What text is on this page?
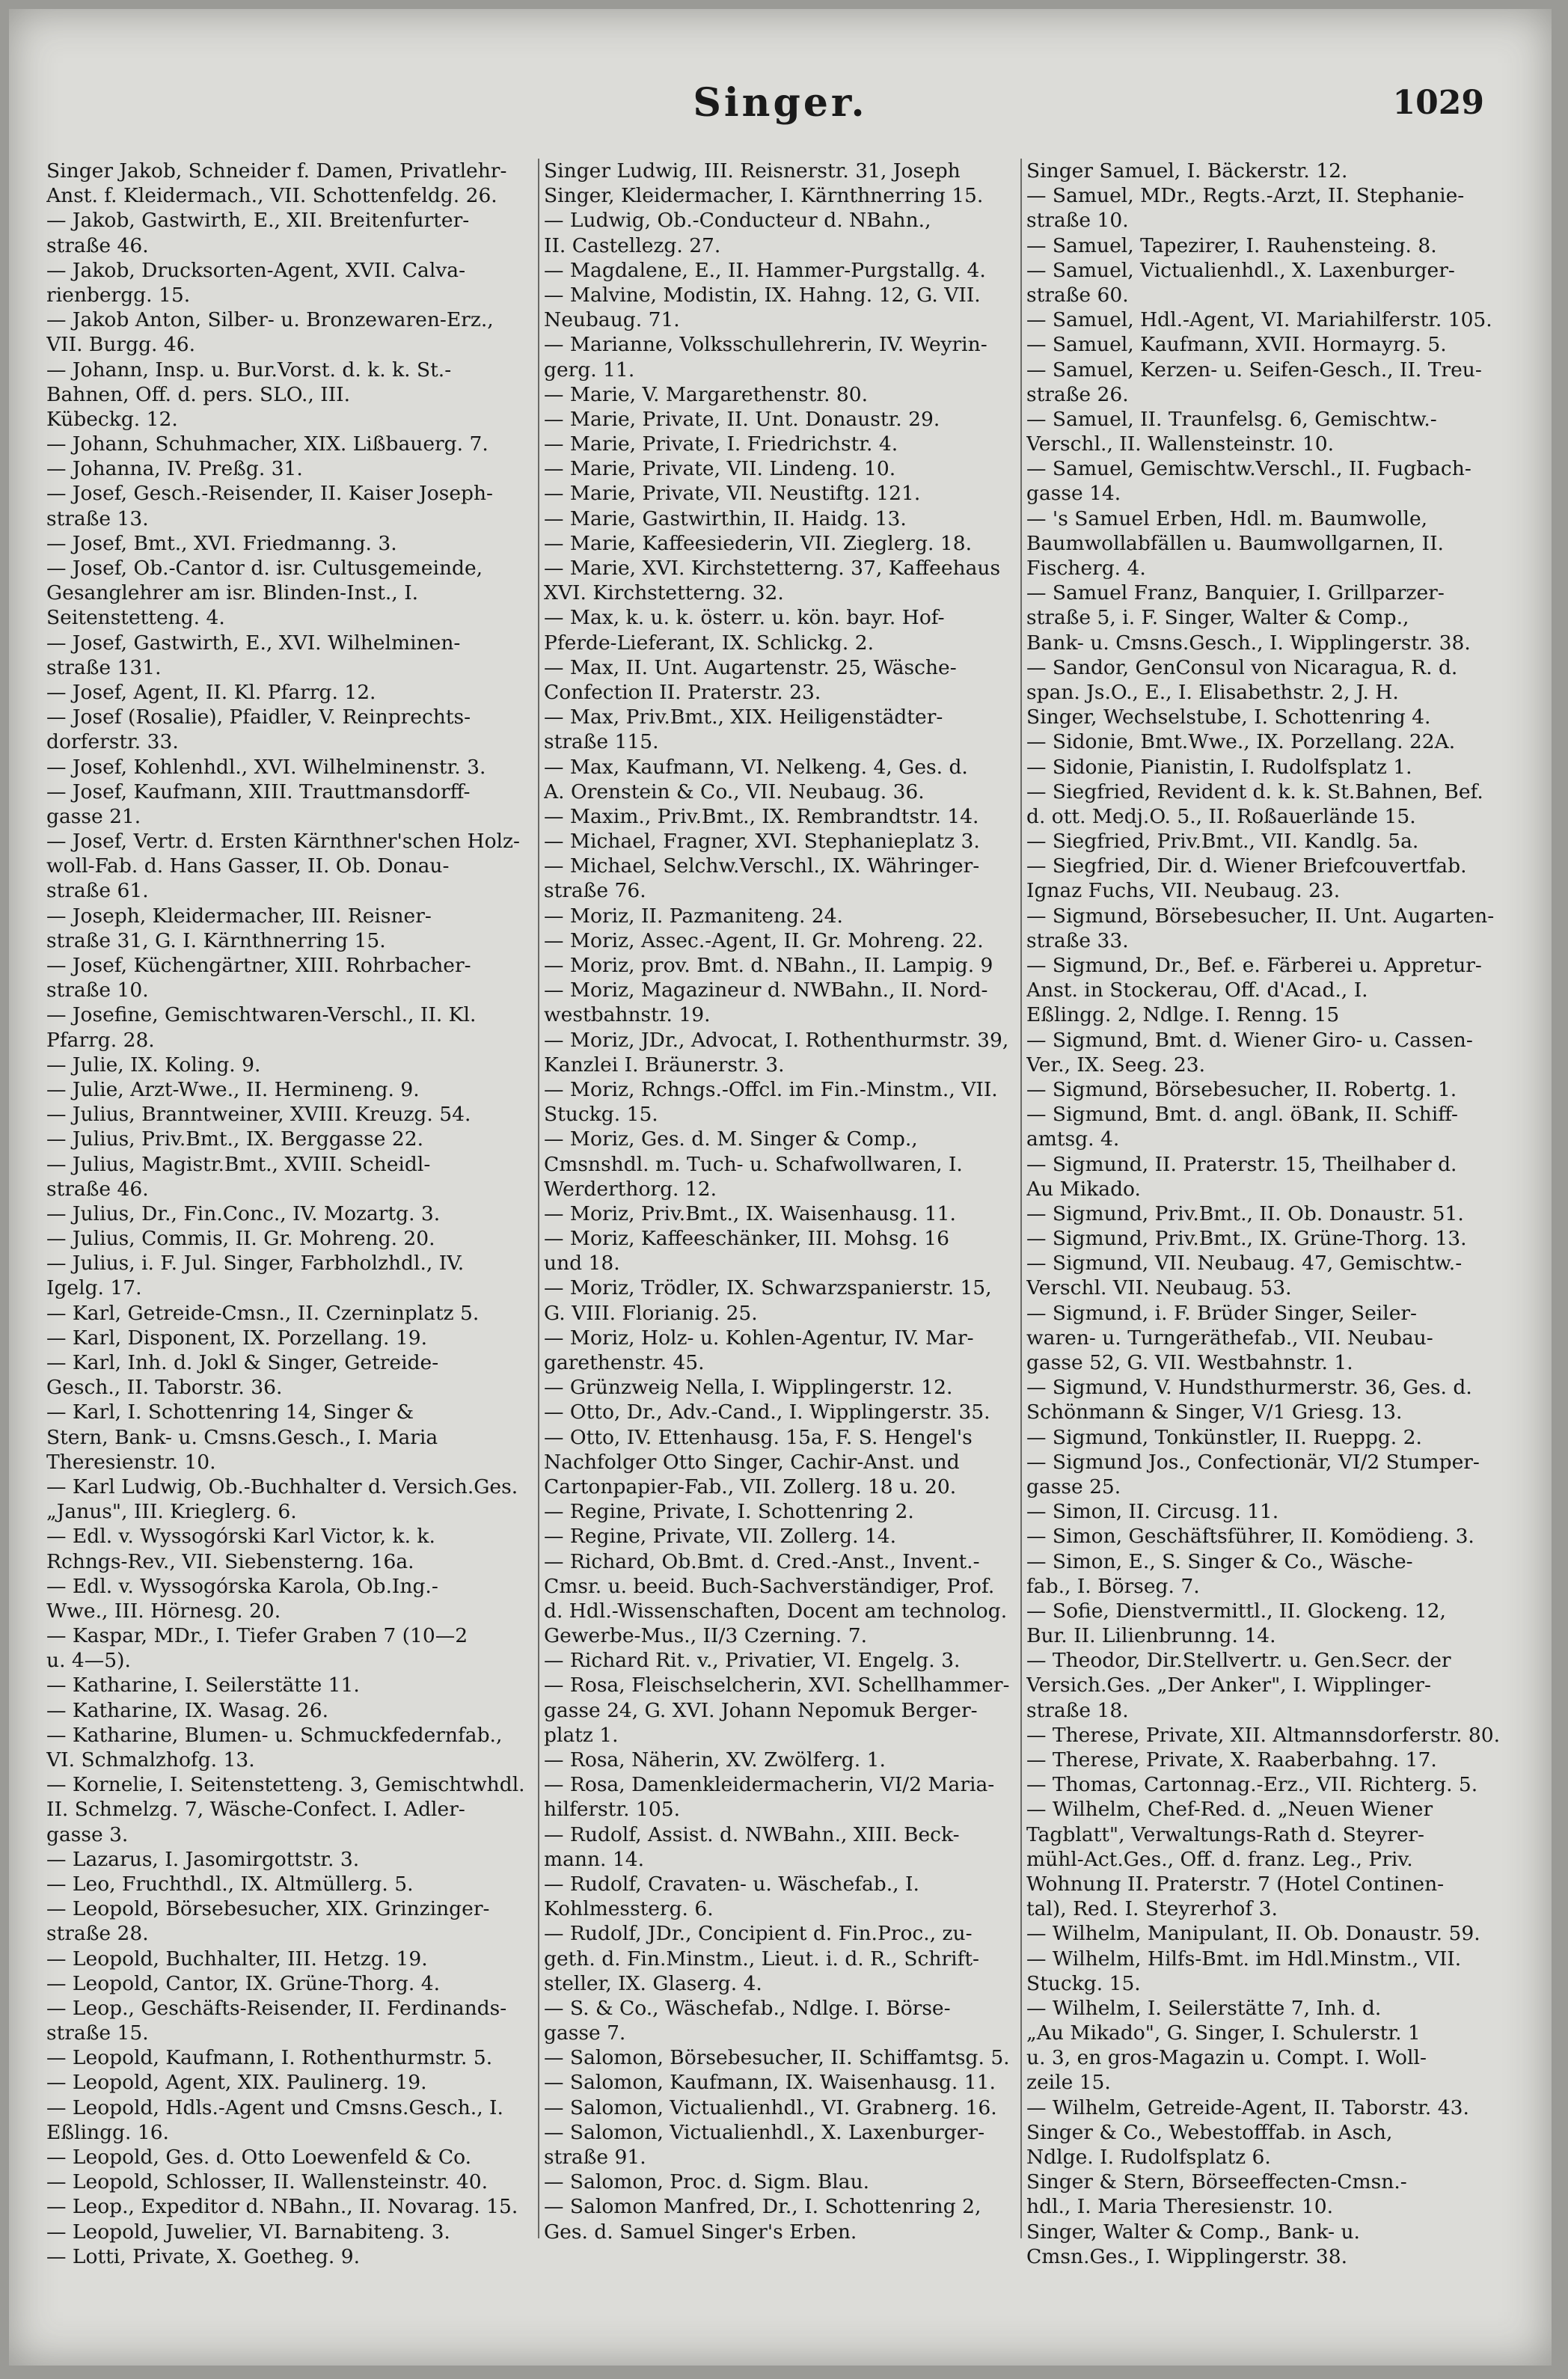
Singer.	1029
Singer Jakob, Schneider f. Damen, Privatlehr-
Anst. f. Kleidermach., VII. Schottenfeldg. 26.
— Jakob, Gastwirth, E., XII. Breitenfurter-
straße 46.
— Jakob, Drucksorten-Agent, XVII. Calva-
rienbergg. 15.
— Jakob Anton, Silber- u. Bronzewaren-Erz.,
VII. Burgg. 46.
— Johann, Insp. u. Bur.Vorst. d. k. k. St.-
Bahnen, Off. d. pers. SLO., III.
Kübeckg. 12.
— Johann, Schuhmacher, XIX. Lißbauerg. 7.
— Johanna, IV. Preßg. 31.
— Josef, Gesch.-Reisender, II. Kaiser Joseph-
straße 13.
— Josef, Bmt., XVI. Friedmanng. 3.
— Josef, Ob.-Cantor d. isr. Cultusgemeinde,
Gesanglehrer am isr. Blinden-Inst., I.
Seitenstetteng. 4.
— Josef, Gastwirth, E., XVI. Wilhelminen-
straße 131.
— Josef, Agent, II. Kl. Pfarrg. 12.
— Josef (Rosalie), Pfaidler, V. Reinprechts-
dorferstr. 33.
— Josef, Kohlenhdl., XVI. Wilhelminenstr. 3.
— Josef, Kaufmann, XIII. Trauttmansdorff-
gasse 21.
— Josef, Vertr. d. Ersten Kärnthner'schen Holz-
woll-Fab. d. Hans Gasser, II. Ob. Donau-
straße 61.
— Joseph, Kleidermacher, III. Reisner-
straße 31, G. I. Kärnthnerring 15.
— Josef, Küchengärtner, XIII. Rohrbacher-
straße 10.
— Josefine, Gemischtwaren-Verschl., II. Kl.
Pfarrg. 28.
— Julie, IX. Koling. 9.
— Julie, Arzt-Wwe., II. Hermineng. 9.
— Julius, Branntweiner, XVIII. Kreuzg. 54.
— Julius, Priv.Bmt., IX. Berggasse 22.
— Julius, Magistr.Bmt., XVIII. Scheidl-
straße 46.
— Julius, Dr., Fin.Conc., IV. Mozartg. 3.
— Julius, Commis, II. Gr. Mohreng. 20.
— Julius, i. F. Jul. Singer, Farbholzhdl., IV.
Igelg. 17.
— Karl, Getreide-Cmsn., II. Czerninplatz 5.
— Karl, Disponent, IX. Porzellang. 19.
— Karl, Inh. d. Jokl & Singer, Getreide-
Gesch., II. Taborstr. 36.
— Karl, I. Schottenring 14, Singer &
Stern, Bank- u. Cmsns.Gesch., I. Maria
Theresienstr. 10.
— Karl Ludwig, Ob.-Buchhalter d. Versich.Ges.
„Janus", III. Krieglerg. 6.
— Edl. v. Wyssogórski Karl Victor, k. k.
Rchngs-Rev., VII. Siebensterng. 16a.
— Edl. v. Wyssogórska Karola, Ob.Ing.-
Wwe., III. Hörnesg. 20.
— Kaspar, MDr., I. Tiefer Graben 7 (10—2
u. 4—5).
— Katharine, I. Seilerstätte 11.
— Katharine, IX. Wasag. 26.
— Katharine, Blumen- u. Schmuckfedernfab.,
VI. Schmalzhofg. 13.
— Kornelie, I. Seitenstetteng. 3, Gemischtwhdl.
II. Schmelzg. 7, Wäsche-Confect. I. Adler-
gasse 3.
— Lazarus, I. Jasomirgottstr. 3.
— Leo, Fruchthdl., IX. Altmüllerg. 5.
— Leopold, Börsebesucher, XIX. Grinzinger-
straße 28.
— Leopold, Buchhalter, III. Hetzg. 19.
— Leopold, Cantor, IX. Grüne-Thorg. 4.
— Leop., Geschäfts-Reisender, II. Ferdinands-
straße 15.
— Leopold, Kaufmann, I. Rothenthurmstr. 5.
— Leopold, Agent, XIX. Paulinerg. 19.
— Leopold, Hdls.-Agent und Cmsns.Gesch., I.
Eßlingg. 16.
— Leopold, Ges. d. Otto Loewenfeld & Co.
— Leopold, Schlosser, II. Wallensteinstr. 40.
— Leop., Expeditor d. NBahn., II. Novarag. 15.
— Leopold, Juwelier, VI. Barnabiteng. 3.
— Lotti, Private, X. Goetheg. 9.
Singer Ludwig, III. Reisnerstr. 31, Joseph
Singer, Kleidermacher, I. Kärnthnerring 15.
— Ludwig, Ob.-Conducteur d. NBahn.,
II. Castellezg. 27.
— Magdalene, E., II. Hammer-Purgstallg. 4.
— Malvine, Modistin, IX. Hahng. 12, G. VII.
Neubaug. 71.
— Marianne, Volksschullehrerin, IV. Weyrin-
gerg. 11.
— Marie, V. Margarethenstr. 80.
— Marie, Private, II. Unt. Donaustr. 29.
— Marie, Private, I. Friedrichstr. 4.
— Marie, Private, VII. Lindeng. 10.
— Marie, Private, VII. Neustiftg. 121.
— Marie, Gastwirthin, II. Haidg. 13.
— Marie, Kaffeesiederin, VII. Zieglerg. 18.
— Marie, XVI. Kirchstetterng. 37, Kaffeehaus
XVI. Kirchstetterng. 32.
— Max, k. u. k. österr. u. kön. bayr. Hof-
Pferde-Lieferant, IX. Schlickg. 2.
— Max, II. Unt. Augartenstr. 25, Wäsche-
Confection II. Praterstr. 23.
— Max, Priv.Bmt., XIX. Heiligenstädter-
straße 115.
— Max, Kaufmann, VI. Nelkeng. 4, Ges. d.
A. Orenstein & Co., VII. Neubaug. 36.
— Maxim., Priv.Bmt., IX. Rembrandtstr. 14.
— Michael, Fragner, XVI. Stephanieplatz 3.
— Michael, Selchw.Verschl., IX. Währinger-
straße 76.
— Moriz, II. Pazmaniteng. 24.
— Moriz, Assec.-Agent, II. Gr. Mohreng. 22.
— Moriz, prov. Bmt. d. NBahn., II. Lampig. 9
— Moriz, Magazineur d. NWBahn., II. Nord-
westbahnstr. 19.
— Moriz, JDr., Advocat, I. Rothenthurmstr. 39,
Kanzlei I. Bräunerstr. 3.
— Moriz, Rchngs.-Offcl. im Fin.-Minstm., VII.
Stuckg. 15.
— Moriz, Ges. d. M. Singer & Comp.,
Cmsnshdl. m. Tuch- u. Schafwollwaren, I.
Werderthorg. 12.
— Moriz, Priv.Bmt., IX. Waisenhausg. 11.
— Moriz, Kaffeeschänker, III. Mohsg. 16
und 18.
— Moriz, Trödler, IX. Schwarzspanierstr. 15,
G. VIII. Florianig. 25.
— Moriz, Holz- u. Kohlen-Agentur, IV. Mar-
garethenstr. 45.
— Grünzweig Nella, I. Wipplingerstr. 12.
— Otto, Dr., Adv.-Cand., I. Wipplingerstr. 35.
— Otto, IV. Ettenhausg. 15a, F. S. Hengel's
Nachfolger Otto Singer, Cachir-Anst. und
Cartonpapier-Fab., VII. Zollerg. 18 u. 20.
— Regine, Private, I. Schottenring 2.
— Regine, Private, VII. Zollerg. 14.
— Richard, Ob.Bmt. d. Cred.-Anst., Invent.-
Cmsr. u. beeid. Buch-Sachverständiger, Prof.
d. Hdl.-Wissenschaften, Docent am technolog.
Gewerbe-Mus., II/3 Czerning. 7.
— Richard Rit. v., Privatier, VI. Engelg. 3.
— Rosa, Fleischselcherin, XVI. Schellhammer-
gasse 24, G. XVI. Johann Nepomuk Berger-
platz 1.
— Rosa, Näherin, XV. Zwölferg. 1.
— Rosa, Damenkleidermacherin, VI/2 Maria-
hilferstr. 105.
— Rudolf, Assist. d. NWBahn., XIII. Beck-
mann. 14.
— Rudolf, Cravaten- u. Wäschefab., I.
Kohlmessterg. 6.
— Rudolf, JDr., Concipient d. Fin.Proc., zu-
geth. d. Fin.Minstm., Lieut. i. d. R., Schrift-
steller, IX. Glaserg. 4.
— S. & Co., Wäschefab., Ndlge. I. Börse-
gasse 7.
— Salomon, Börsebesucher, II. Schiffamtsg. 5.
— Salomon, Kaufmann, IX. Waisenhausg. 11.
— Salomon, Victualienhdl., VI. Grabnerg. 16.
— Salomon, Victualienhdl., X. Laxenburger-
straße 91.
— Salomon, Proc. d. Sigm. Blau.
— Salomon Manfred, Dr., I. Schottenring 2,
Ges. d. Samuel Singer's Erben.
Singer Samuel, I. Bäckerstr. 12.
— Samuel, MDr., Regts.-Arzt, II. Stephanie-
straße 10.
— Samuel, Tapezirer, I. Rauhensteing. 8.
— Samuel, Victualienhdl., X. Laxenburger-
straße 60.
— Samuel, Hdl.-Agent, VI. Mariahilferstr. 105.
— Samuel, Kaufmann, XVII. Hormayrg. 5.
— Samuel, Kerzen- u. Seifen-Gesch., II. Treu-
straße 26.
— Samuel, II. Traunfelsg. 6, Gemischtw.-
Verschl., II. Wallensteinstr. 10.
— Samuel, Gemischtw.Verschl., II. Fugbach-
gasse 14.
— 's Samuel Erben, Hdl. m. Baumwolle,
Baumwollabfällen u. Baumwollgarnen, II.
Fischerg. 4.
— Samuel Franz, Banquier, I. Grillparzer-
straße 5, i. F. Singer, Walter & Comp.,
Bank- u. Cmsns.Gesch., I. Wipplingerstr. 38.
— Sandor, GenConsul von Nicaragua, R. d.
span. Js.O., E., I. Elisabethstr. 2, J. H.
Singer, Wechselstube, I. Schottenring 4.
— Sidonie, Bmt.Wwe., IX. Porzellang. 22A.
— Sidonie, Pianistin, I. Rudolfsplatz 1.
— Siegfried, Revident d. k. k. St.Bahnen, Bef.
d. ott. Medj.O. 5., II. Roßauerlände 15.
— Siegfried, Priv.Bmt., VII. Kandlg. 5a.
— Siegfried, Dir. d. Wiener Briefcouvertfab.
Ignaz Fuchs, VII. Neubaug. 23.
— Sigmund, Börsebesucher, II. Unt. Augarten-
straße 33.
— Sigmund, Dr., Bef. e. Färberei u. Appretur-
Anst. in Stockerau, Off. d'Acad., I.
Eßlingg. 2, Ndlge. I. Renng. 15
— Sigmund, Bmt. d. Wiener Giro- u. Cassen-
Ver., IX. Seeg. 23.
— Sigmund, Börsebesucher, II. Robertg. 1.
— Sigmund, Bmt. d. angl. öBank, II. Schiff-
amtsg. 4.
— Sigmund, II. Praterstr. 15, Theilhaber d.
Au Mikado.
— Sigmund, Priv.Bmt., II. Ob. Donaustr. 51.
— Sigmund, Priv.Bmt., IX. Grüne-Thorg. 13.
— Sigmund, VII. Neubaug. 47, Gemischtw.-
Verschl. VII. Neubaug. 53.
— Sigmund, i. F. Brüder Singer, Seiler-
waren- u. Turngeräthefab., VII. Neubau-
gasse 52, G. VII. Westbahnstr. 1.
— Sigmund, V. Hundsthurmerstr. 36, Ges. d.
Schönmann & Singer, V/1 Griesg. 13.
— Sigmund, Tonkünstler, II. Rueppg. 2.
— Sigmund Jos., Confectionär, VI/2 Stumper-
gasse 25.
— Simon, II. Circusg. 11.
— Simon, Geschäftsführer, II. Komödieng. 3.
— Simon, E., S. Singer & Co., Wäsche-
fab., I. Börseg. 7.
— Sofie, Dienstvermittl., II. Glockeng. 12,
Bur. II. Lilienbrunng. 14.
— Theodor, Dir.Stellvertr. u. Gen.Secr. der
Versich.Ges. „Der Anker", I. Wipplinger-
straße 18.
— Therese, Private, XII. Altmannsdorferstr. 80.
— Therese, Private, X. Raaberbahng. 17.
— Thomas, Cartonnag.-Erz., VII. Richterg. 5.
— Wilhelm, Chef-Red. d. „Neuen Wiener
Tagblatt", Verwaltungs-Rath d. Steyrer-
mühl-Act.Ges., Off. d. franz. Leg., Priv.
Wohnung II. Praterstr. 7 (Hotel Continen-
tal), Red. I. Steyrerhof 3.
— Wilhelm, Manipulant, II. Ob. Donaustr. 59.
— Wilhelm, Hilfs-Bmt. im Hdl.Minstm., VII.
Stuckg. 15.
— Wilhelm, I. Seilerstätte 7, Inh. d.
„Au Mikado", G. Singer, I. Schulerstr. 1
u. 3, en gros-Magazin u. Compt. I. Woll-
zeile 15.
— Wilhelm, Getreide-Agent, II. Taborstr. 43.
Singer & Co., Webestofffab. in Asch,
Ndlge. I. Rudolfsplatz 6.
Singer & Stern, Börseeffecten-Cmsn.-
hdl., I. Maria Theresienstr. 10.
Singer, Walter & Comp., Bank- u.
Cmsn.Ges., I. Wipplingerstr. 38.
